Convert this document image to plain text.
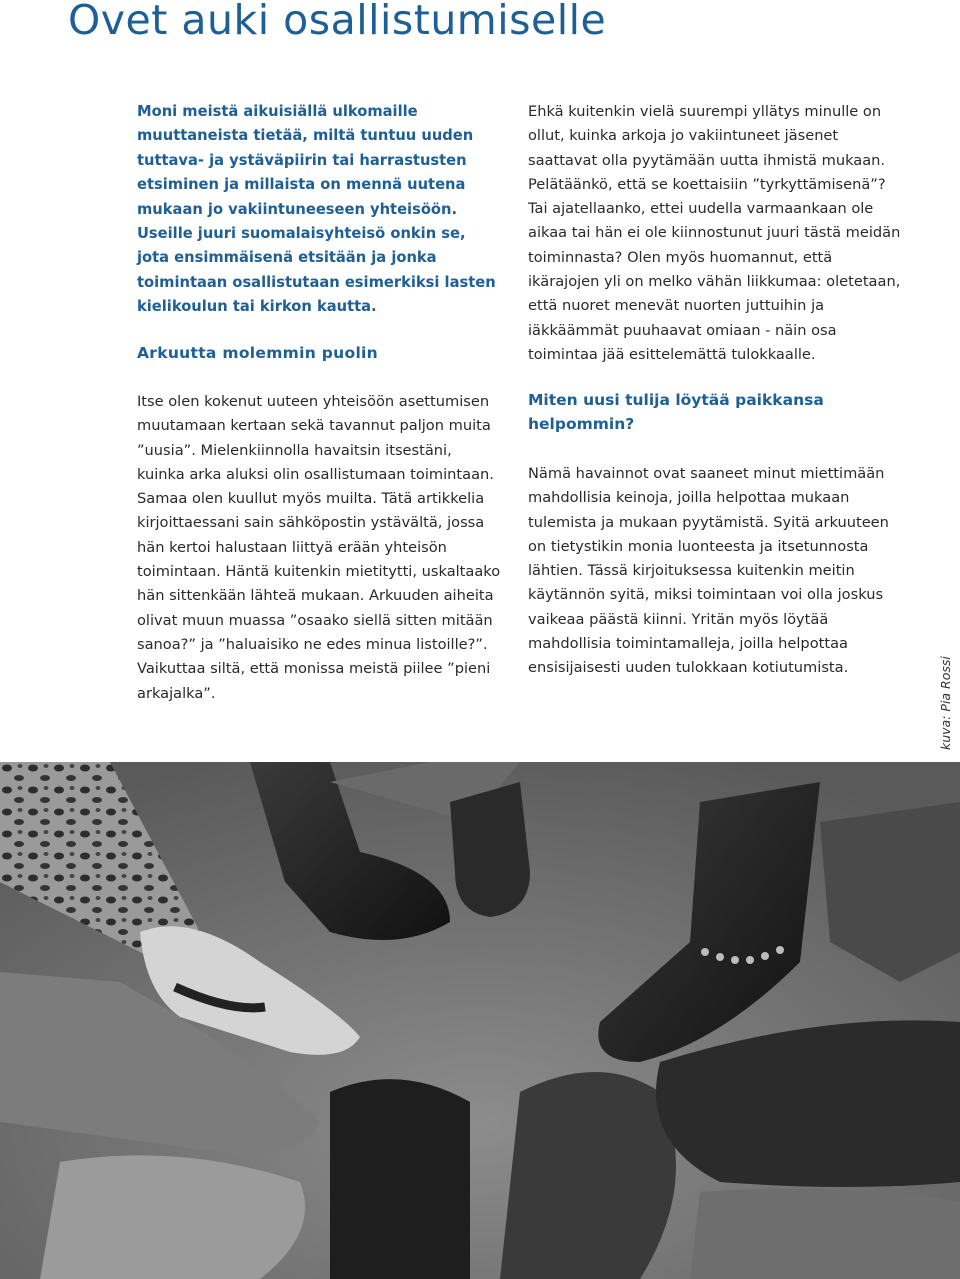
Ovet auki osallistumiselle

Moni meistä aikuisiällä ulkomaille muuttaneista tietää, miltä tuntuu uuden tuttava- ja ystäväpiirin tai harrastusten etsiminen ja millaista on mennä uutena mukaan jo vakiintuneeseen yhteisöön. Useille juuri suomalaisyhteisö onkin se, jota ensimmäisenä etsitään ja jonka toimintaan osallistutaan esimerkiksi lasten kielikoulun tai kirkon kautta.

Arkuutta molemmin puolin

Itse olen kokenut uuteen yhteisöön asettumisen muutamaan kertaan sekä tavannut paljon muita ”uusia”. Mielenkiinnolla havaitsin itsestäni, kuinka arka aluksi olin osallistumaan toimintaan. Samaa olen kuullut myös muilta. Tätä artikkelia kirjoittaessani sain sähköpostin ystävältä, jossa hän kertoi halustaan liittyä erään yhteisön toimintaan. Häntä kuitenkin mietitytti, uskaltaako hän sittenkään lähteä mukaan. Arkuuden aiheita olivat muun muassa ”osaako siellä sitten mitään sanoa?” ja ”haluaisiko ne edes minua listoille?”. Vaikuttaa siltä, että monissa meistä piilee ”pieni arkajalka”.

Ehkä kuitenkin vielä suurempi yllätys minulle on ollut, kuinka arkoja jo vakiintuneet jäsenet saattavat olla pyytämään uutta ihmistä mukaan. Pelätäänkö, että se koettaisiin ”tyrkyttämisenä”? Tai ajatellaanko, ettei uudella varmaankaan ole aikaa tai hän ei ole kiinnostunut juuri tästä meidän toiminnasta? Olen myös huomannut, että ikärajojen yli on melko vähän liikkumaa: oletetaan, että nuoret menevät nuorten juttuihin ja iäkkäämmät puuhaavat omiaan - näin osa toimintaa jää esittelemättä tulokkaalle.

Miten uusi tulija löytää paikkansa helpommin?

Nämä havainnot ovat saaneet minut miettimään mahdollisia keinoja, joilla helpottaa mukaan tulemista ja mukaan pyytämistä. Syitä arkuuteen on tietystikin monia luonteesta ja itsetunnosta lähtien. Tässä kirjoituksessa kuitenkin meitin käytännön syitä, miksi toimintaan voi olla joskus vaikeaa päästä kiinni. Yritän myös löytää mahdollisia toimintamalleja, joilla helpottaa ensisijaisesti uuden tulokkaan kotiutumista.	kuva: Pia Rossi
